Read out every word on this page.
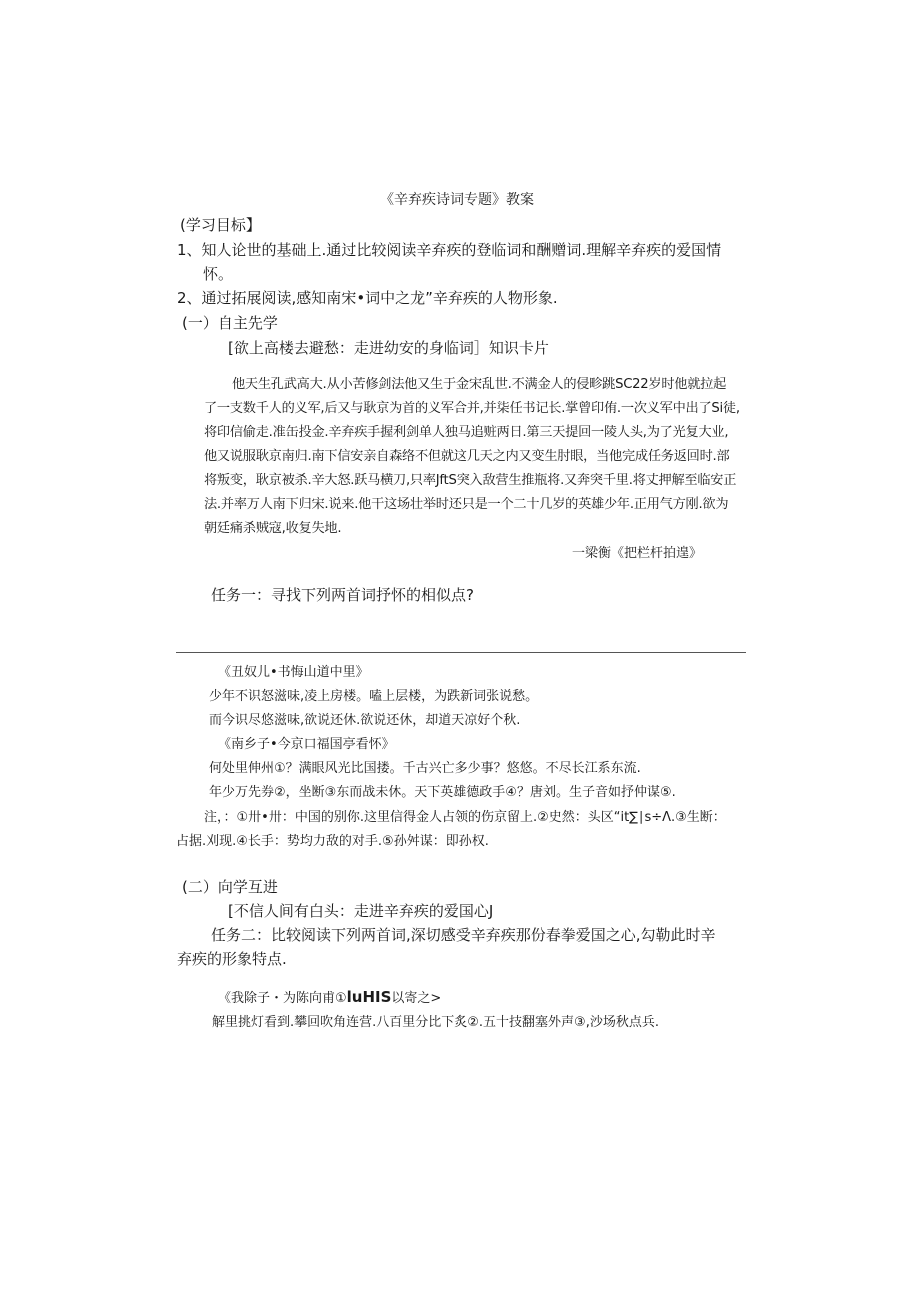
《辛弃疾诗词专题》教案

(学习目标】

1、知人论世的基础上.通过比较阅读辛弃疾的登临词和酬赠词.理解辛弃疾的爱国情

怀。

2、通过拓展阅读,感知南宋•词中之龙”辛弃疾的人物形象.

(一）自主先学

[欲上高楼去避愁：走进幼安的身临词］知识卡片

他天生孔武高大.从小苦修剑法他又生于金宋乱世.不满金人的侵畛跳SC22岁时他就拉起

了一支数千人的义军,后又与耿京为首的义军合并,并柒任书记长.掌曾印侑.一次义军中出了Si徒,

将印信偷走.准缶投金.辛弃疾手握利剑单人独马追赃两日.第三天提回一陵人头,为了光复大业,

他又说服耿京南归.南下信安亲自森络不但就这几天之内又变生肘眼，当他完成任务返回时.部

将叛变，耿京被杀.辛大怒.跃马横刀,只率JftS突入敌营生推瓶将.又奔突千里.将丈押解至临安正

法.并率万人南下归宋.说来.他干这场壮举时还只是一个二十几岁的英雄少年.正用气方刚.欲为

朝廷痛杀贼寇,收复失地.

一梁衡《把栏杆拍遑》

任务一：寻找下列两首词抒怀的相似点?

《丑奴儿•书悔山道中里》

少年不识怒滋味,凌上房楼。嗑上层楼，为跌新词张说愁。

而今识尽悠滋味,欲说还休.欲说还休，却道天凉好个秋.

《南乡子•今京口福国亭看怀》

何处里伸州①？满眼风光比国搂。千古兴亡多少事？悠悠。不尽长江系东流.

年少万先券②，坐断③东而战未休。天下英雄德政手④？唐刘。生子音如抒仲谋⑤.

注，：①卅•卅：中国的别你.这里信得金人占领的伤京留上.②史然：头区“it∑∣s÷Λ.③生断：

占据.刈现.④长手：势均力敌的对手.⑤孙舛谋：即孙权.

(二）向学互进

[不信人间有白头：走进辛弃疾的爱国心J

任务二：比较阅读下列两首词,深切感受辛弃疾那份春拳爱国之心,勾勒此时辛

弃疾的形象特点.

《我除子・为陈向甫①luHIS以寄之>

解里挑灯看到.攀回吹角连营.八百里分比下炙②.五十技翻塞外声③,沙场秋点兵.
